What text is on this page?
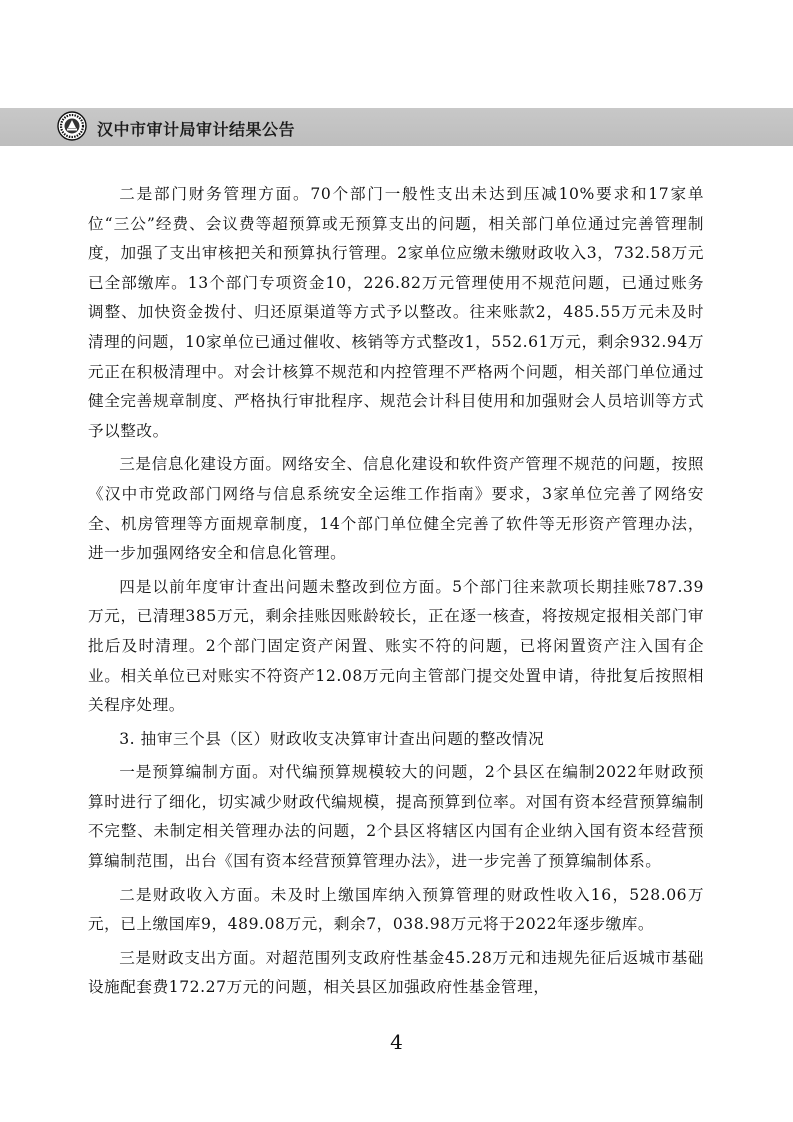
汉中市审计局审计结果公告

二是部门财务管理方面。70个部门一般性支出未达到压减10%要求和17家单位“三公”经费、会议费等超预算或无预算支出的问题，相关部门单位通过完善管理制度，加强了支出审核把关和预算执行管理。2家单位应缴未缴财政收入3，732.58万元已全部缴库。13个部门专项资金10，226.82万元管理使用不规范问题，已通过账务调整、加快资金拨付、归还原渠道等方式予以整改。往来账款2，485.55万元未及时清理的问题，10家单位已通过催收、核销等方式整改1，552.61万元，剩余932.94万元正在积极清理中。对会计核算不规范和内控管理不严格两个问题，相关部门单位通过健全完善规章制度、严格执行审批程序、规范会计科目使用和加强财会人员培训等方式予以整改。

三是信息化建设方面。网络安全、信息化建设和软件资产管理不规范的问题，按照《汉中市党政部门网络与信息系统安全运维工作指南》要求，3家单位完善了网络安全、机房管理等方面规章制度，14个部门单位健全完善了软件等无形资产管理办法，进一步加强网络安全和信息化管理。

四是以前年度审计查出问题未整改到位方面。5个部门往来款项长期挂账787.39万元，已清理385万元，剩余挂账因账龄较长，正在逐一核查，将按规定报相关部门审批后及时清理。2个部门固定资产闲置、账实不符的问题，已将闲置资产注入国有企业。相关单位已对账实不符资产12.08万元向主管部门提交处置申请，待批复后按照相关程序处理。

3. 抽审三个县（区）财政收支决算审计查出问题的整改情况

一是预算编制方面。对代编预算规模较大的问题，2个县区在编制2022年财政预算时进行了细化，切实减少财政代编规模，提高预算到位率。对国有资本经营预算编制不完整、未制定相关管理办法的问题，2个县区将辖区内国有企业纳入国有资本经营预算编制范围，出台《国有资本经营预算管理办法》，进一步完善了预算编制体系。

二是财政收入方面。未及时上缴国库纳入预算管理的财政性收入16，528.06万元，已上缴国库9，489.08万元，剩余7，038.98万元将于2022年逐步缴库。

三是财政支出方面。对超范围列支政府性基金45.28万元和违规先征后返城市基础设施配套费172.27万元的问题，相关县区加强政府性基金管理，

4
